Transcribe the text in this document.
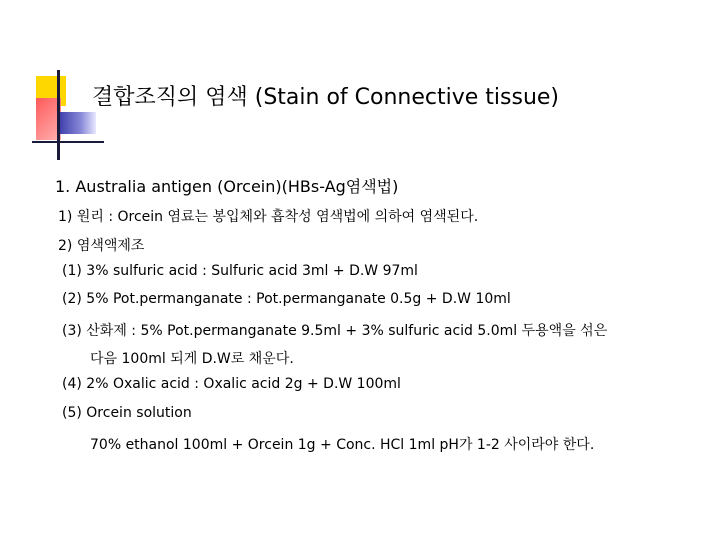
결합조직의 염색 (Stain of Connective tissue)
1. Australia antigen (Orcein)(HBs-Ag염색법)
1) 원리 : Orcein 염료는 봉입체와 흡착성 염색법에 의하여 염색된다.
2) 염색액제조
(1) 3% sulfuric acid : Sulfuric acid 3ml + D.W 97ml
(2) 5% Pot.permanganate : Pot.permanganate 0.5g + D.W 10ml
(3) 산화제 : 5% Pot.permanganate 9.5ml + 3% sulfuric acid 5.0ml 두용액을 섞은
다음 100ml 되게 D.W로 채운다.
(4) 2% Oxalic acid : Oxalic acid 2g + D.W 100ml
(5) Orcein solution
70% ethanol 100ml + Orcein 1g + Conc. HCl 1ml pH가 1-2 사이라야 한다.
